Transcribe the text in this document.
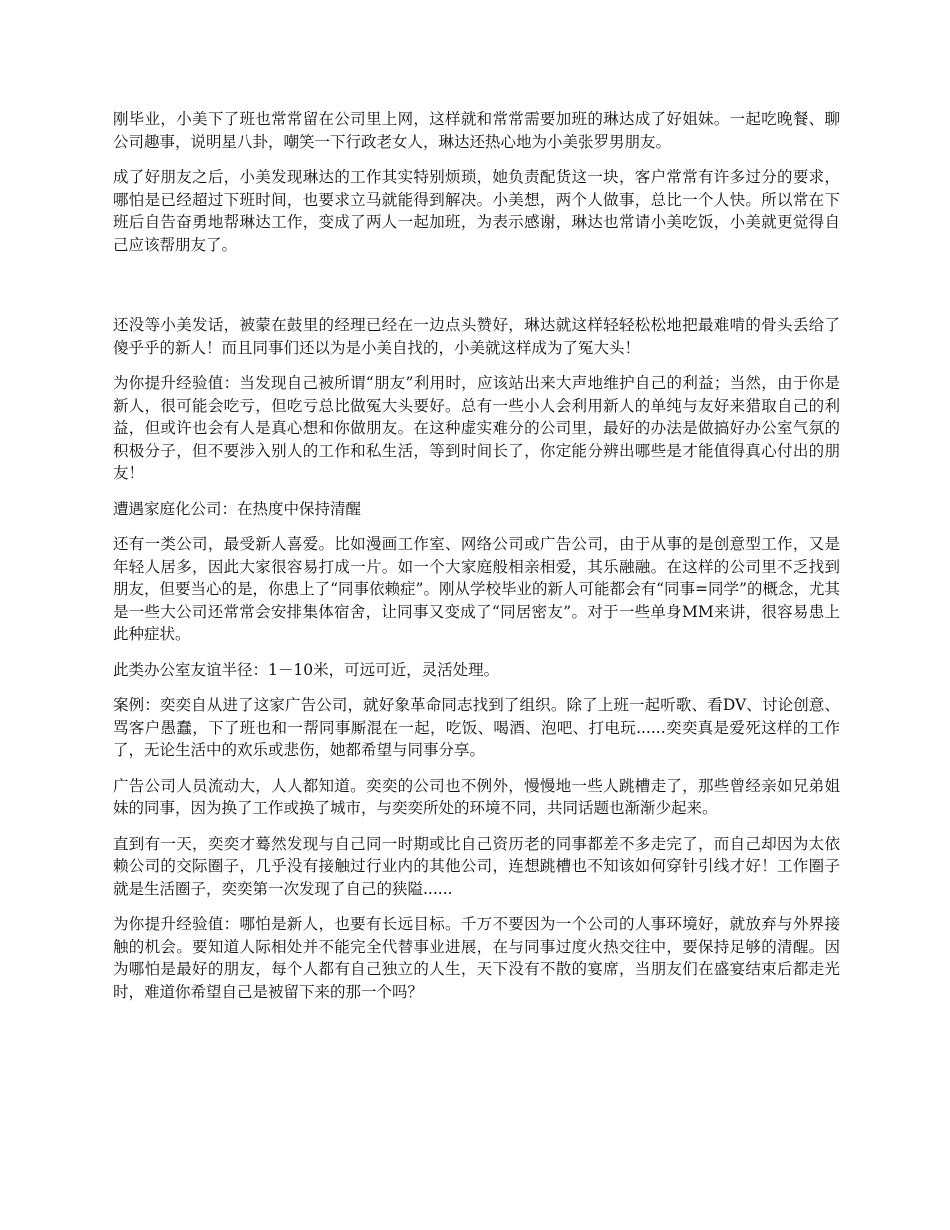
刚毕业，小美下了班也常常留在公司里上网，这样就和常常需要加班的琳达成了好姐妹。一起吃晚餐、聊公司趣事，说明星八卦，嘲笑一下行政老女人，琳达还热心地为小美张罗男朋友。

成了好朋友之后，小美发现琳达的工作其实特别烦琐，她负责配货这一块，客户常常有许多过分的要求，哪怕是已经超过下班时间，也要求立马就能得到解决。小美想，两个人做事，总比一个人快。所以常在下班后自告奋勇地帮琳达工作，变成了两人一起加班，为表示感谢，琳达也常请小美吃饭，小美就更觉得自己应该帮朋友了。

还没等小美发话，被蒙在鼓里的经理已经在一边点头赞好，琳达就这样轻轻松松地把最难啃的骨头丢给了傻乎乎的新人！而且同事们还以为是小美自找的，小美就这样成为了冤大头！

为你提升经验值：当发现自己被所谓“朋友”利用时，应该站出来大声地维护自己的利益；当然，由于你是新人，很可能会吃亏，但吃亏总比做冤大头要好。总有一些小人会利用新人的单纯与友好来猎取自己的利益，但或许也会有人是真心想和你做朋友。在这种虚实难分的公司里，最好的办法是做搞好办公室气氛的积极分子，但不要涉入别人的工作和私生活，等到时间长了，你定能分辨出哪些是才能值得真心付出的朋友！

遭遇家庭化公司：在热度中保持清醒

还有一类公司，最受新人喜爱。比如漫画工作室、网络公司或广告公司，由于从事的是创意型工作，又是年轻人居多，因此大家很容易打成一片。如一个大家庭般相亲相爱，其乐融融。在这样的公司里不乏找到朋友，但要当心的是，你患上了“同事依赖症”。刚从学校毕业的新人可能都会有“同事=同学”的概念，尤其是一些大公司还常常会安排集体宿舍，让同事又变成了“同居密友”。对于一些单身MM来讲，很容易患上此种症状。

此类办公室友谊半径：1－10米，可远可近，灵活处理。

案例：奕奕自从进了这家广告公司，就好象革命同志找到了组织。除了上班一起听歌、看DV、讨论创意、骂客户愚蠢，下了班也和一帮同事厮混在一起，吃饭、喝酒、泡吧、打电玩......奕奕真是爱死这样的工作了，无论生活中的欢乐或悲伤，她都希望与同事分享。

广告公司人员流动大，人人都知道。奕奕的公司也不例外，慢慢地一些人跳槽走了，那些曾经亲如兄弟姐妹的同事，因为换了工作或换了城市，与奕奕所处的环境不同，共同话题也渐渐少起来。

直到有一天，奕奕才蓦然发现与自己同一时期或比自己资历老的同事都差不多走完了，而自己却因为太依赖公司的交际圈子，几乎没有接触过行业内的其他公司，连想跳槽也不知该如何穿针引线才好！工作圈子就是生活圈子，奕奕第一次发现了自己的狭隘......

为你提升经验值：哪怕是新人，也要有长远目标。千万不要因为一个公司的人事环境好，就放弃与外界接触的机会。要知道人际相处并不能完全代替事业进展，在与同事过度火热交往中，要保持足够的清醒。因为哪怕是最好的朋友，每个人都有自己独立的人生，天下没有不散的宴席，当朋友们在盛宴结束后都走光时，难道你希望自己是被留下来的那一个吗？
